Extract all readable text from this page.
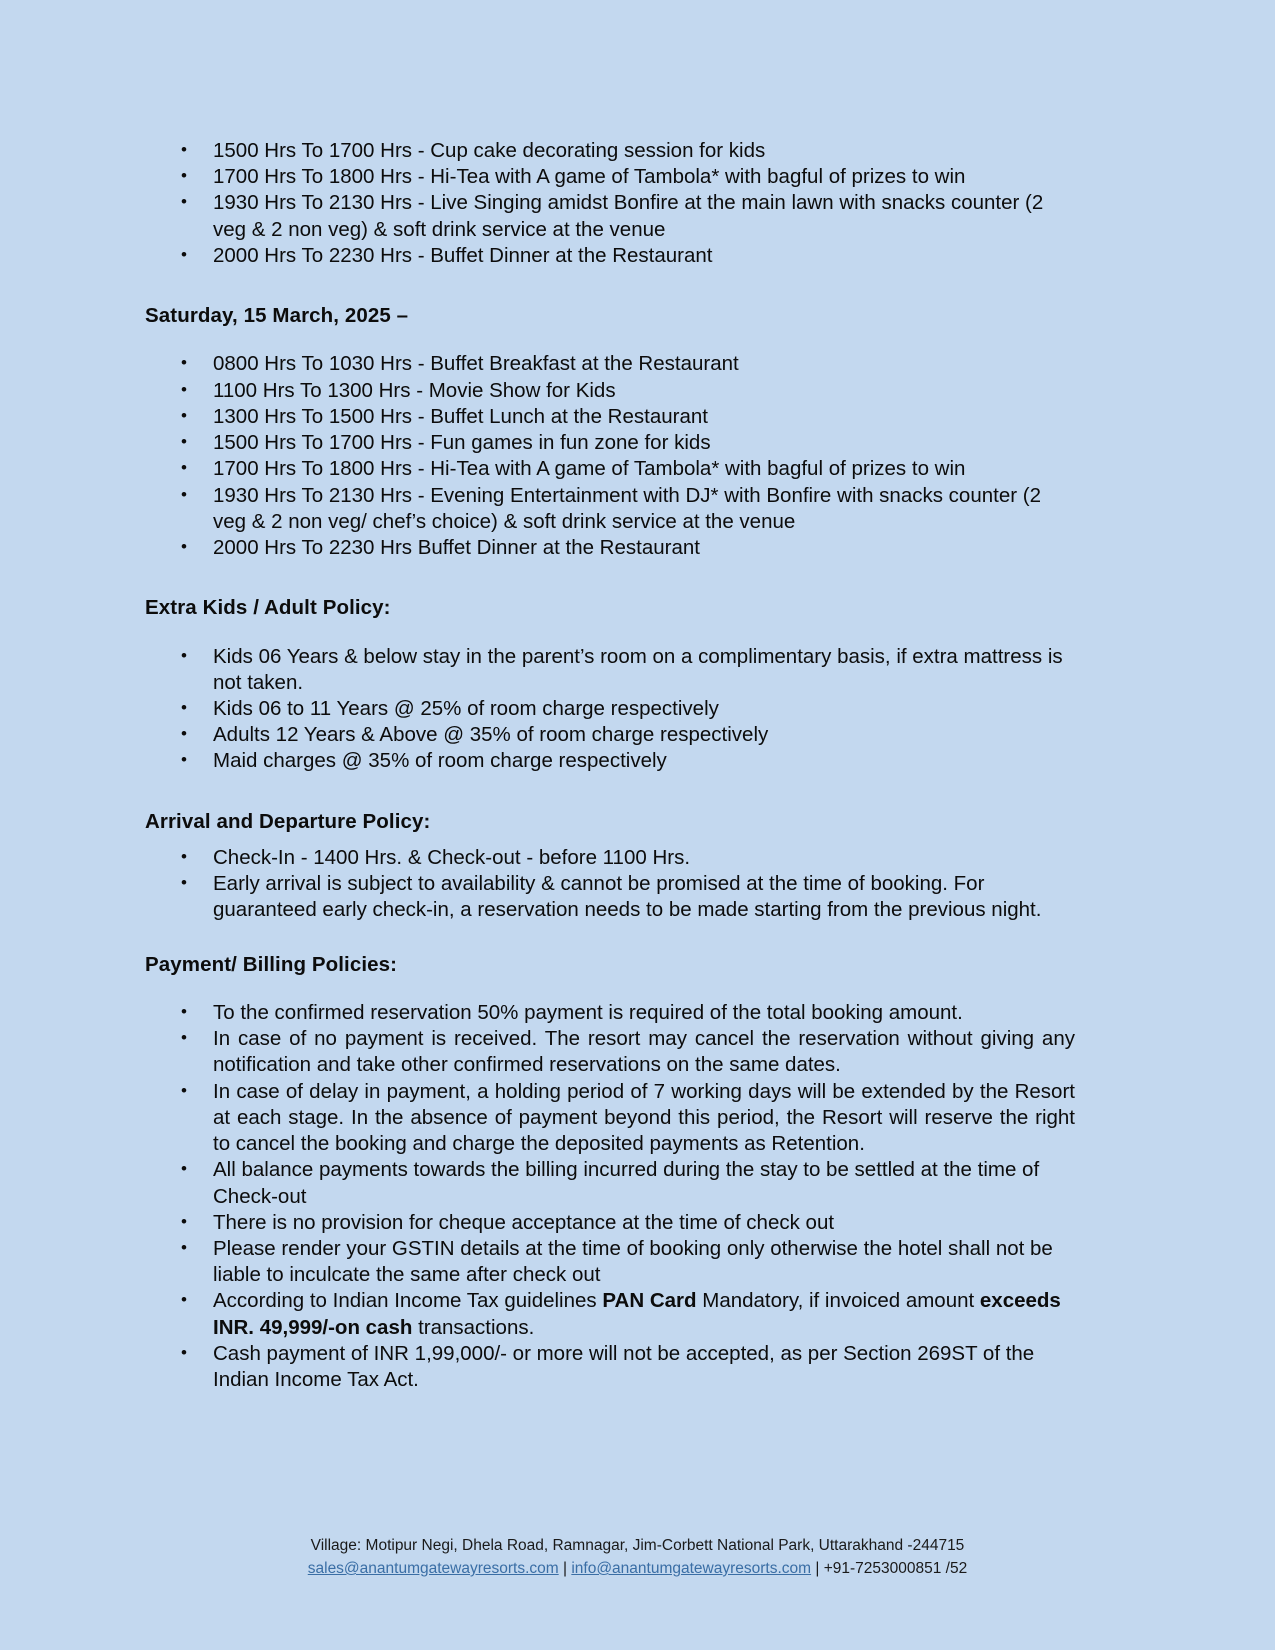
• 1500 Hrs To 1700 Hrs - Cup cake decorating session for kids
• 1700 Hrs To 1800 Hrs - Hi-Tea with A game of Tambola* with bagful of prizes to win
• 1930 Hrs To 2130 Hrs - Live Singing amidst Bonfire at the main lawn with snacks counter (2 veg & 2 non veg) & soft drink service at the venue
• 2000 Hrs To 2230 Hrs - Buffet Dinner at the Restaurant

Saturday, 15 March, 2025 –

• 0800 Hrs To 1030 Hrs - Buffet Breakfast at the Restaurant
• 1100 Hrs To 1300 Hrs - Movie Show for Kids
• 1300 Hrs To 1500 Hrs - Buffet Lunch at the Restaurant
• 1500 Hrs To 1700 Hrs - Fun games in fun zone for kids
• 1700 Hrs To 1800 Hrs - Hi-Tea with A game of Tambola* with bagful of prizes to win
• 1930 Hrs To 2130 Hrs - Evening Entertainment with DJ* with Bonfire with snacks counter (2 veg & 2 non veg/ chef’s choice) & soft drink service at the venue
• 2000 Hrs To 2230 Hrs Buffet Dinner at the Restaurant

Extra Kids / Adult Policy:

• Kids 06 Years & below stay in the parent’s room on a complimentary basis, if extra mattress is not taken.
• Kids 06 to 11 Years @ 25% of room charge respectively
• Adults 12 Years & Above @ 35% of room charge respectively
• Maid charges @ 35% of room charge respectively

Arrival and Departure Policy:

• Check-In - 1400 Hrs. & Check-out - before 1100 Hrs.
• Early arrival is subject to availability & cannot be promised at the time of booking. For guaranteed early check-in, a reservation needs to be made starting from the previous night.

Payment/ Billing Policies:

• To the confirmed reservation 50% payment is required of the total booking amount.
• In case of no payment is received. The resort may cancel the reservation without giving any notification and take other confirmed reservations on the same dates.
• In case of delay in payment, a holding period of 7 working days will be extended by the Resort at each stage. In the absence of payment beyond this period, the Resort will reserve the right to cancel the booking and charge the deposited payments as Retention.
• All balance payments towards the billing incurred during the stay to be settled at the time of Check-out
• There is no provision for cheque acceptance at the time of check out
• Please render your GSTIN details at the time of booking only otherwise the hotel shall not be liable to inculcate the same after check out
• According to Indian Income Tax guidelines PAN Card Mandatory, if invoiced amount exceeds INR. 49,999/-on cash transactions.
• Cash payment of INR 1,99,000/- or more will not be accepted, as per Section 269ST of the Indian Income Tax Act.
Village: Motipur Negi, Dhela Road, Ramnagar, Jim-Corbett National Park, Uttarakhand -244715
sales@anantumgatewayresorts.com | info@anantumgatewayresorts.com | +91-7253000851 /52
